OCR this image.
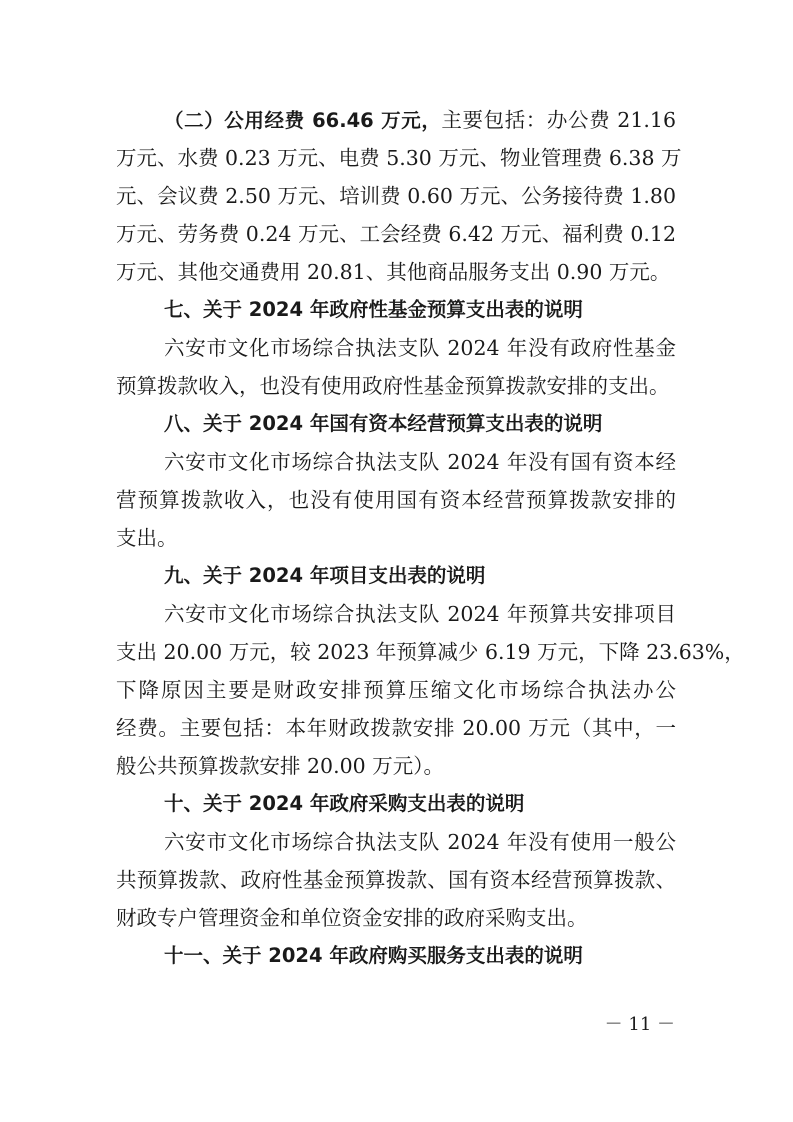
（二）公用经费 66.46 万元，主要包括：办公费 21.16
万元、水费 0.23 万元、电费 5.30 万元、物业管理费 6.38 万
元、会议费 2.50 万元、培训费 0.60 万元、公务接待费 1.80
万元、劳务费 0.24 万元、工会经费 6.42 万元、福利费 0.12
万元、其他交通费用 20.81、其他商品服务支出 0.90 万元。
七、关于 2024 年政府性基金预算支出表的说明
六安市文化市场综合执法支队 2024 年没有政府性基金
预算拨款收入，也没有使用政府性基金预算拨款安排的支出。
八、关于 2024 年国有资本经营预算支出表的说明
六安市文化市场综合执法支队 2024 年没有国有资本经
营预算拨款收入，也没有使用国有资本经营预算拨款安排的
支出。
九、关于 2024 年项目支出表的说明
六安市文化市场综合执法支队 2024 年预算共安排项目
支出 20.00 万元，较 2023 年预算减少 6.19 万元，下降 23.63%，
下降原因主要是财政安排预算压缩文化市场综合执法办公
经费。主要包括：本年财政拨款安排 20.00 万元（其中，一
般公共预算拨款安排 20.00 万元）。
十、关于 2024 年政府采购支出表的说明
六安市文化市场综合执法支队 2024 年没有使用一般公
共预算拨款、政府性基金预算拨款、国有资本经营预算拨款、
财政专户管理资金和单位资金安排的政府采购支出。
十一、关于 2024 年政府购买服务支出表的说明
－ 11 －
